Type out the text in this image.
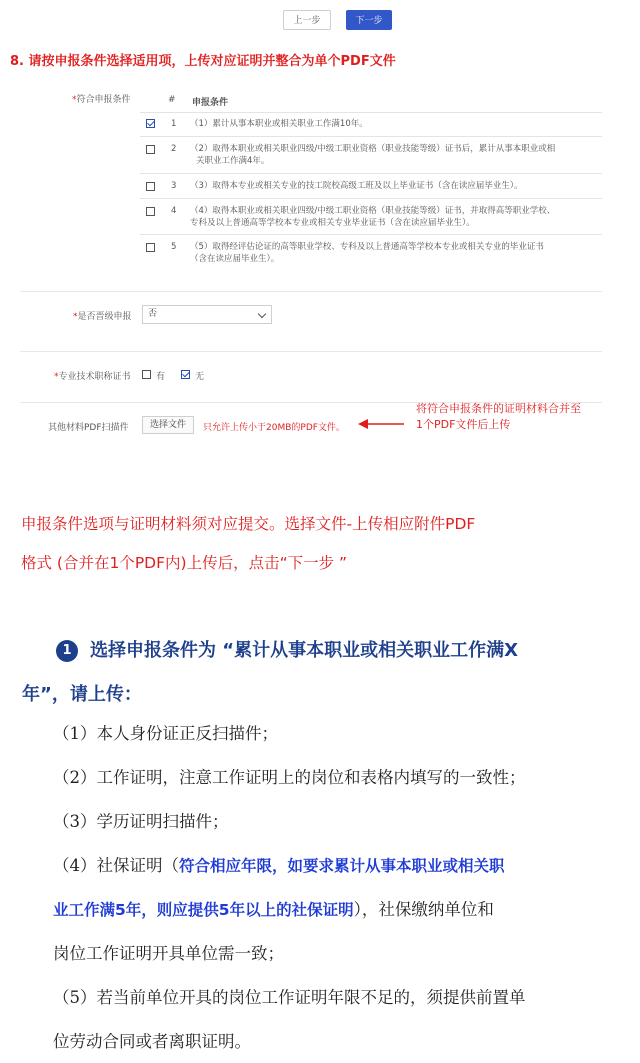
上一步	下一步
8. 请按申报条件选择适用项，上传对应证明并整合为单个PDF文件
*符合申报条件	# 申报条件
1 （1）累计从事本职业或相关职业工作满10年。
2 （2）取得本职业或相关职业四级/中级工职业资格（职业技能等级）证书后，累计从事本职业或相
关职业工作满4年。
3 （3）取得本专业或相关专业的技工院校高级工班及以上毕业证书（含在读应届毕业生）。
4 （4）取得本职业或相关职业四级/中级工职业资格（职业技能等级）证书，并取得高等职业学校、
专科及以上普通高等学校本专业或相关专业毕业证书（含在读应届毕业生）。
5 （5）取得经评估论证的高等职业学校、专科及以上普通高等学校本专业或相关专业的毕业证书
（含在读应届毕业生）。
*是否晋级申报	否
*专业技术职称证书	有	无
其他材料PDF扫描件	选择文件	只允许上传小于20MB的PDF文件。
将符合申报条件的证明材料合并至
1个PDF文件后上传
申报条件选项与证明材料须对应提交。选择文件-上传相应附件PDF
格式 (合并在1个PDF内)上传后，点击“下一步 ”
1 选择申报条件为 “累计从事本职业或相关职业工作满X
年”，请上传：
（1）本人身份证正反扫描件；
（2）工作证明，注意工作证明上的岗位和表格内填写的一致性；
（3）学历证明扫描件；
（4）社保证明（符合相应年限，如要求累计从事本职业或相关职
业工作满5年，则应提供5年以上的社保证明），社保缴纳单位和
岗位工作证明开具单位需一致；
（5）若当前单位开具的岗位工作证明年限不足的，须提供前置单
位劳动合同或者离职证明。
